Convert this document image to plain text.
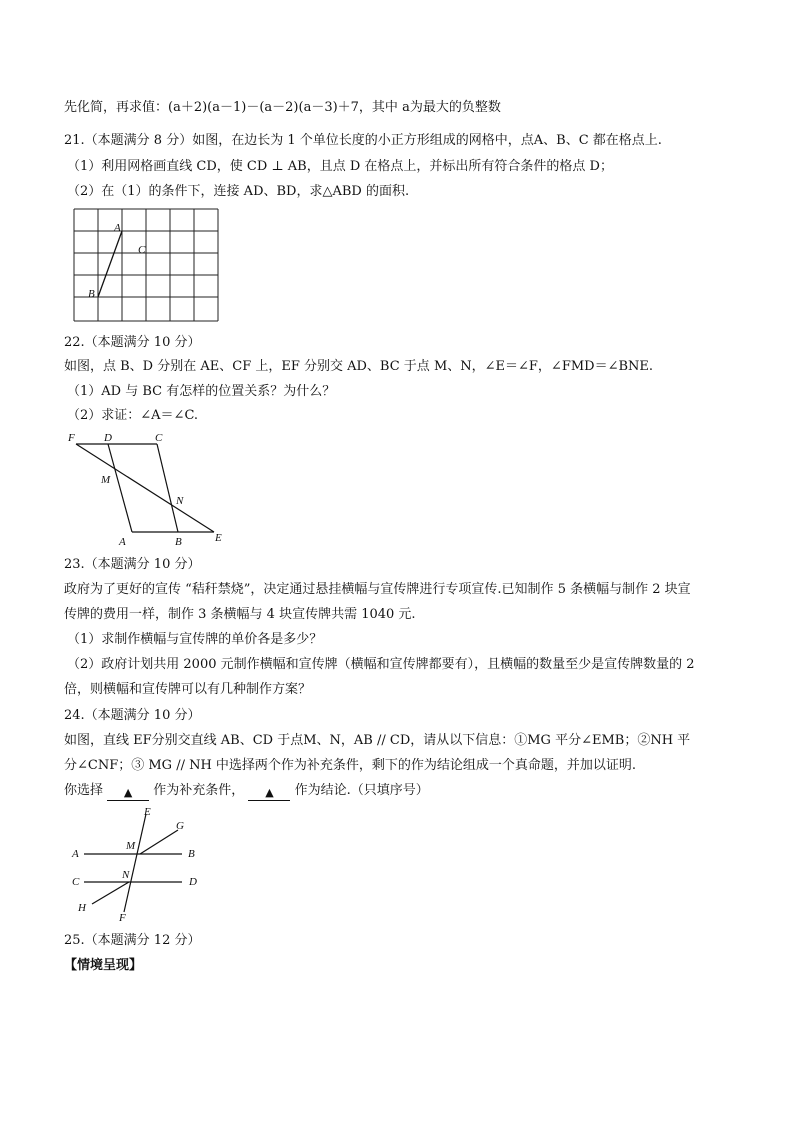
先化简，再求值：(a＋2)(a－1)－(a－2)(a－3)＋7，其中 a为最大的负整数
21.（本题满分 8 分）如图，在边长为 1 个单位长度的小正方形组成的网格中，点A、B、C 都在格点上.
（1）利用网格画直线 CD，使 CD ⊥ AB，且点 D 在格点上，并标出所有符合条件的格点 D；
（2）在（1）的条件下，连接 AD、BD，求△ABD 的面积.
A
C
B
22.（本题满分 10 分）
如图，点 B、D 分别在 AE、CF 上，EF 分别交 AD、BC 于点 M、N，∠E＝∠F，∠FMD＝∠BNE.
（1）AD 与 BC 有怎样的位置关系？为什么？
（2）求证：∠A＝∠C.
F	D	C
M
N
A	B	E
23.（本题满分 10 分）
政府为了更好的宣传 “秸秆禁烧”，决定通过悬挂横幅与宣传牌进行专项宣传.已知制作 5 条横幅与制作 2 块宣
传牌的费用一样，制作 3 条横幅与 4 块宣传牌共需 1040 元.
（1）求制作横幅与宣传牌的单价各是多少？
（2）政府计划共用 2000 元制作横幅和宣传牌（横幅和宣传牌都要有），且横幅的数量至少是宣传牌数量的 2
倍，则横幅和宣传牌可以有几种制作方案？
24.（本题满分 10 分）
如图，直线 EF分别交直线 AB、CD 于点M、N，AB // CD，请从以下信息：①MG 平分∠EMB；②NH 平
分∠CNF；③ MG // NH 中选择两个作为补充条件，剩下的作为结论组成一个真命题，并加以证明.
你选择 ▲ 作为补充条件， ▲ 作为结论.（只填序号）
E
G
M
A	B
N
C	D
H
F
25.（本题满分 12 分）
【情境呈现】
